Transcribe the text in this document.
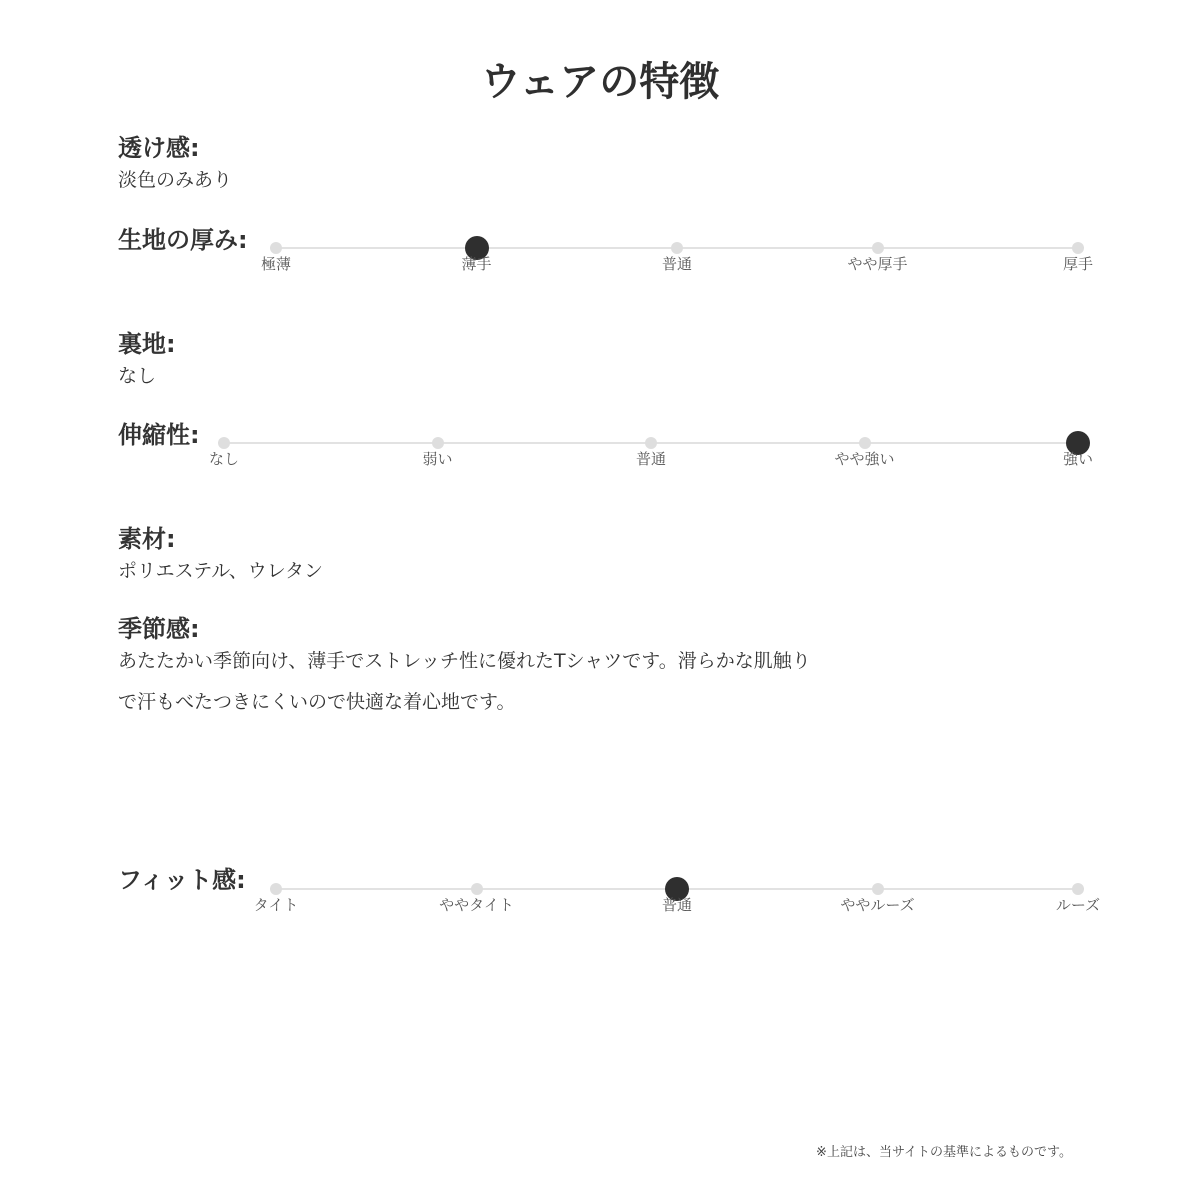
ウェアの特徴
透け感:
淡色のみあり
生地の厚み:
極薄	薄手	普通	やや厚手	厚手
裏地:
なし
伸縮性:
なし	弱い	普通	やや強い	強い
素材:
ポリエステル、ウレタン
季節感:

あたたかい季節向け、薄手でストレッチ性に優れたTシャツです。滑らかな肌触り
で汗もべたつきにくいので快適な着心地です。

フィット感:
タイト	ややタイト	普通	ややルーズ	ルーズ
※上記は、当サイトの基準によるものです。
